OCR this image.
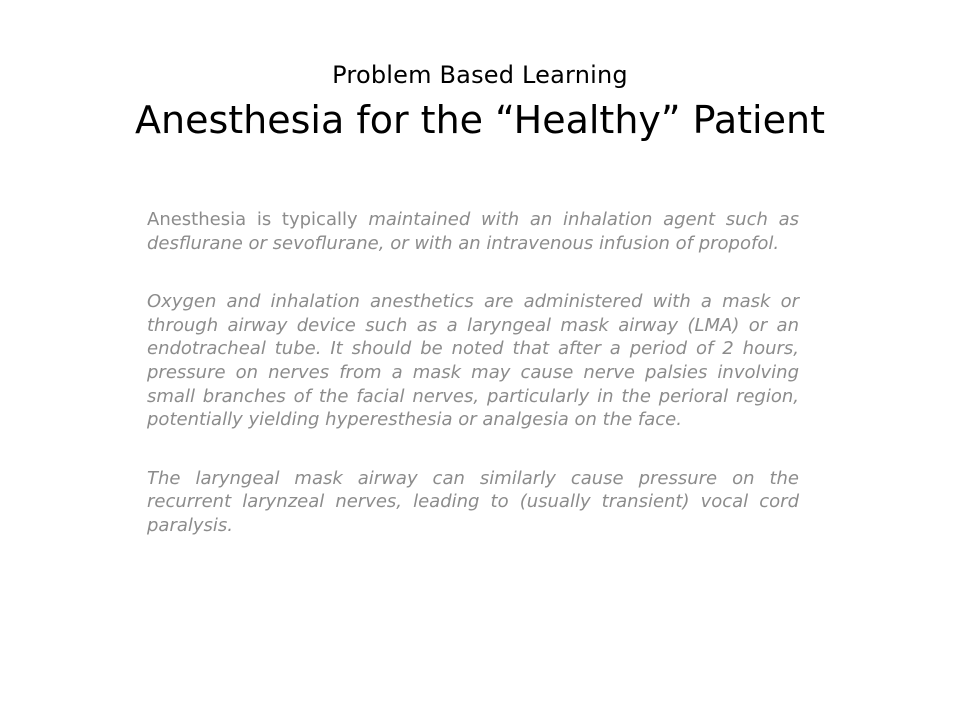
Problem Based Learning
Anesthesia for the “Healthy” Patient

Anesthesia is typically maintained with an inhalation agent such as desflurane or sevoflurane, or with an intravenous infusion of propofol.

Oxygen and inhalation anesthetics are administered with a mask or through airway device such as a laryngeal mask airway (LMA) or an endotracheal tube. It should be noted that after a period of 2 hours, pressure on nerves from a mask may cause nerve palsies involving small branches of the facial nerves, particularly in the perioral region, potentially yielding hyperesthesia or analgesia on the face.

The laryngeal mask airway can similarly cause pressure on the recurrent larynzeal nerves, leading to (usually transient) vocal cord paralysis.
